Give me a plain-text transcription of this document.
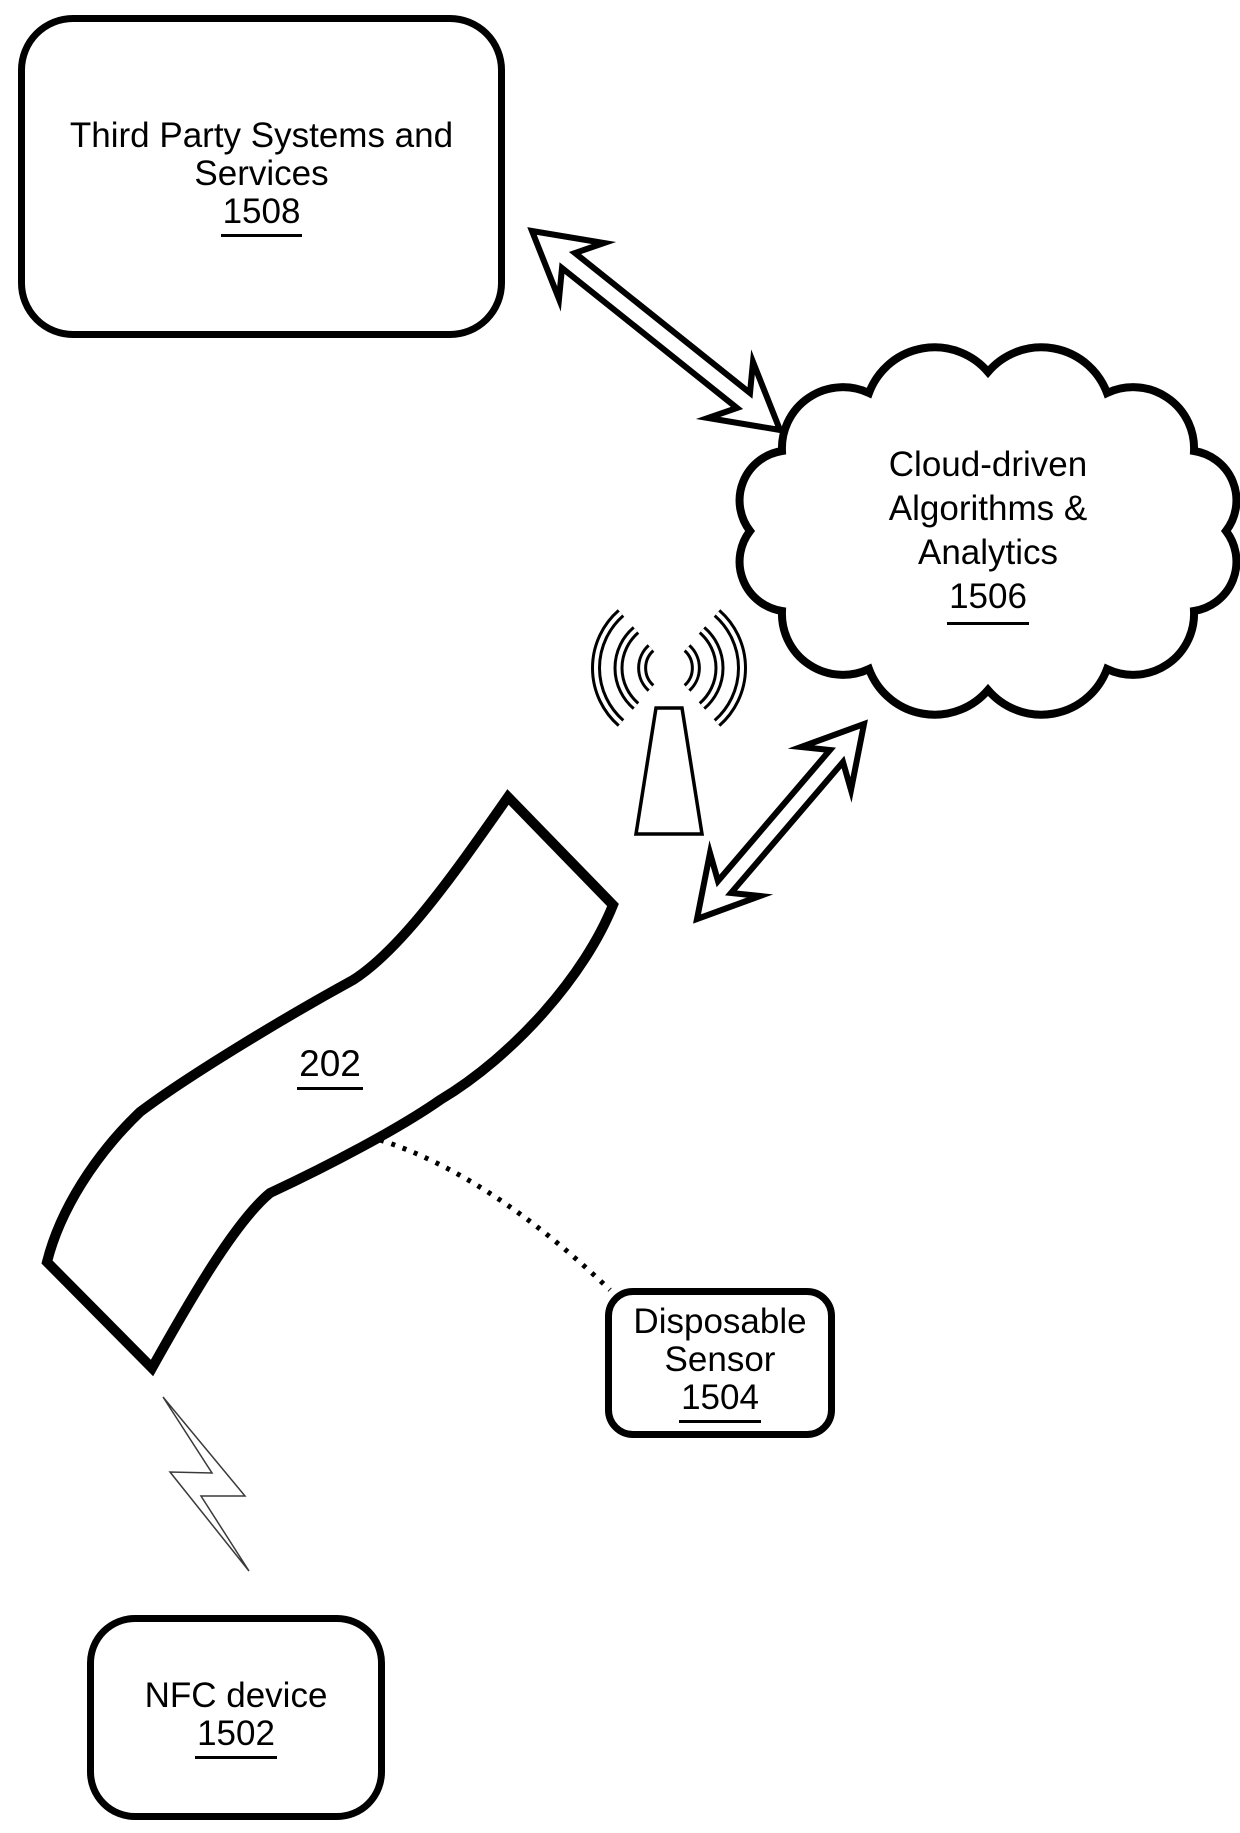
Third Party Systems and
Services
1508
Cloud-driven
Algorithms &
Analytics
1506
202
Disposable
Sensor
1504
NFC device
1502
